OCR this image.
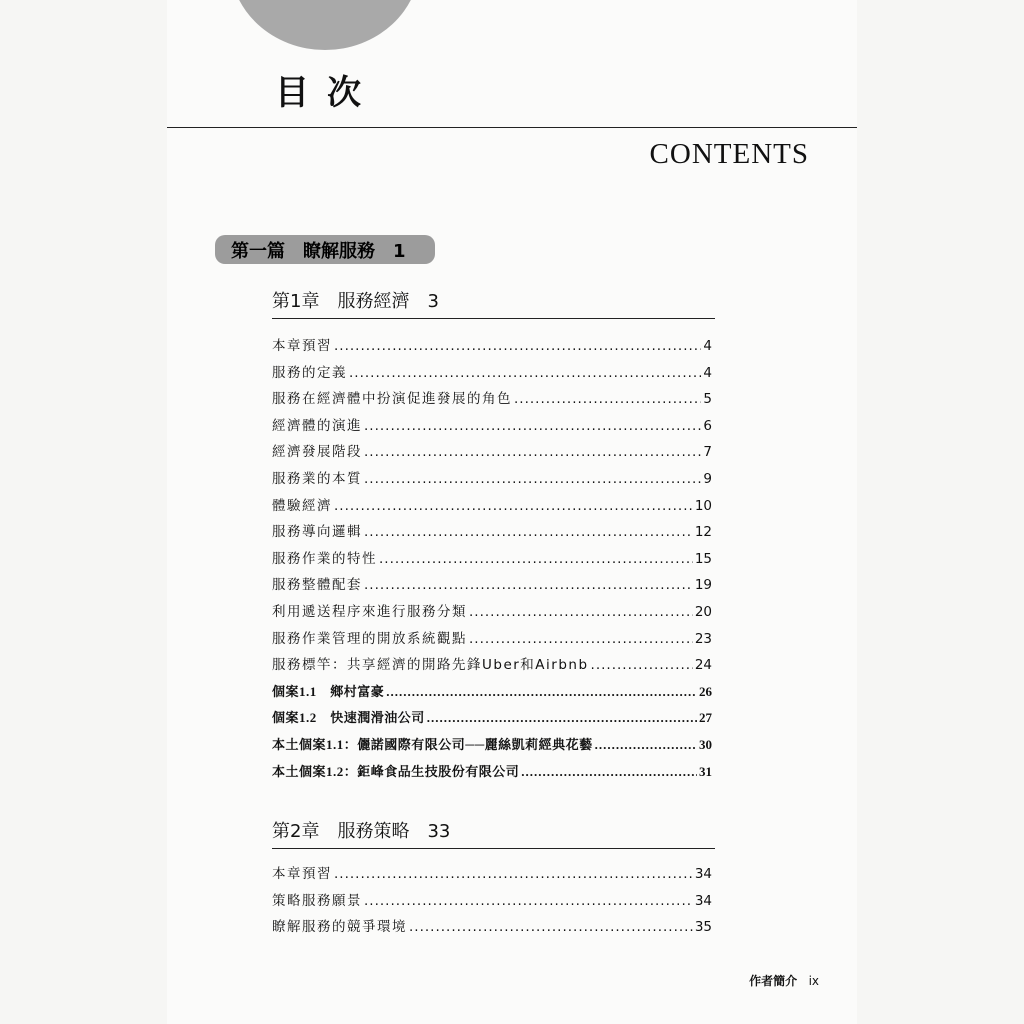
目次
CONTENTS
第一篇　瞭解服務　1
第1章　服務經濟　3
本章預習 .....	4
服務的定義 .....	4
服務在經濟體中扮演促進發展的角色 .....	5
經濟體的演進 .....	6
經濟發展階段 .....	7
服務業的本質 .....	9
體驗經濟 .....	10
服務導向邏輯 .....	12
服務作業的特性 .....	15
服務整體配套 .....	19
利用遞送程序來進行服務分類 .....	20
服務作業管理的開放系統觀點 .....	23
服務標竿：共享經濟的開路先鋒Uber和Airbnb .....	24
個案1.1　鄉村富豪 .....	26
個案1.2　快速潤滑油公司 .....	27
本土個案1.1：儷諾國際有限公司──麗絲凱莉經典花藝 .....	30
本土個案1.2：鉅峰食品生技股份有限公司 .....	31
第2章　服務策略　33
本章預習 .....	34
策略服務願景 .....	34
瞭解服務的競爭環境 .....	35
作者簡介 ix
